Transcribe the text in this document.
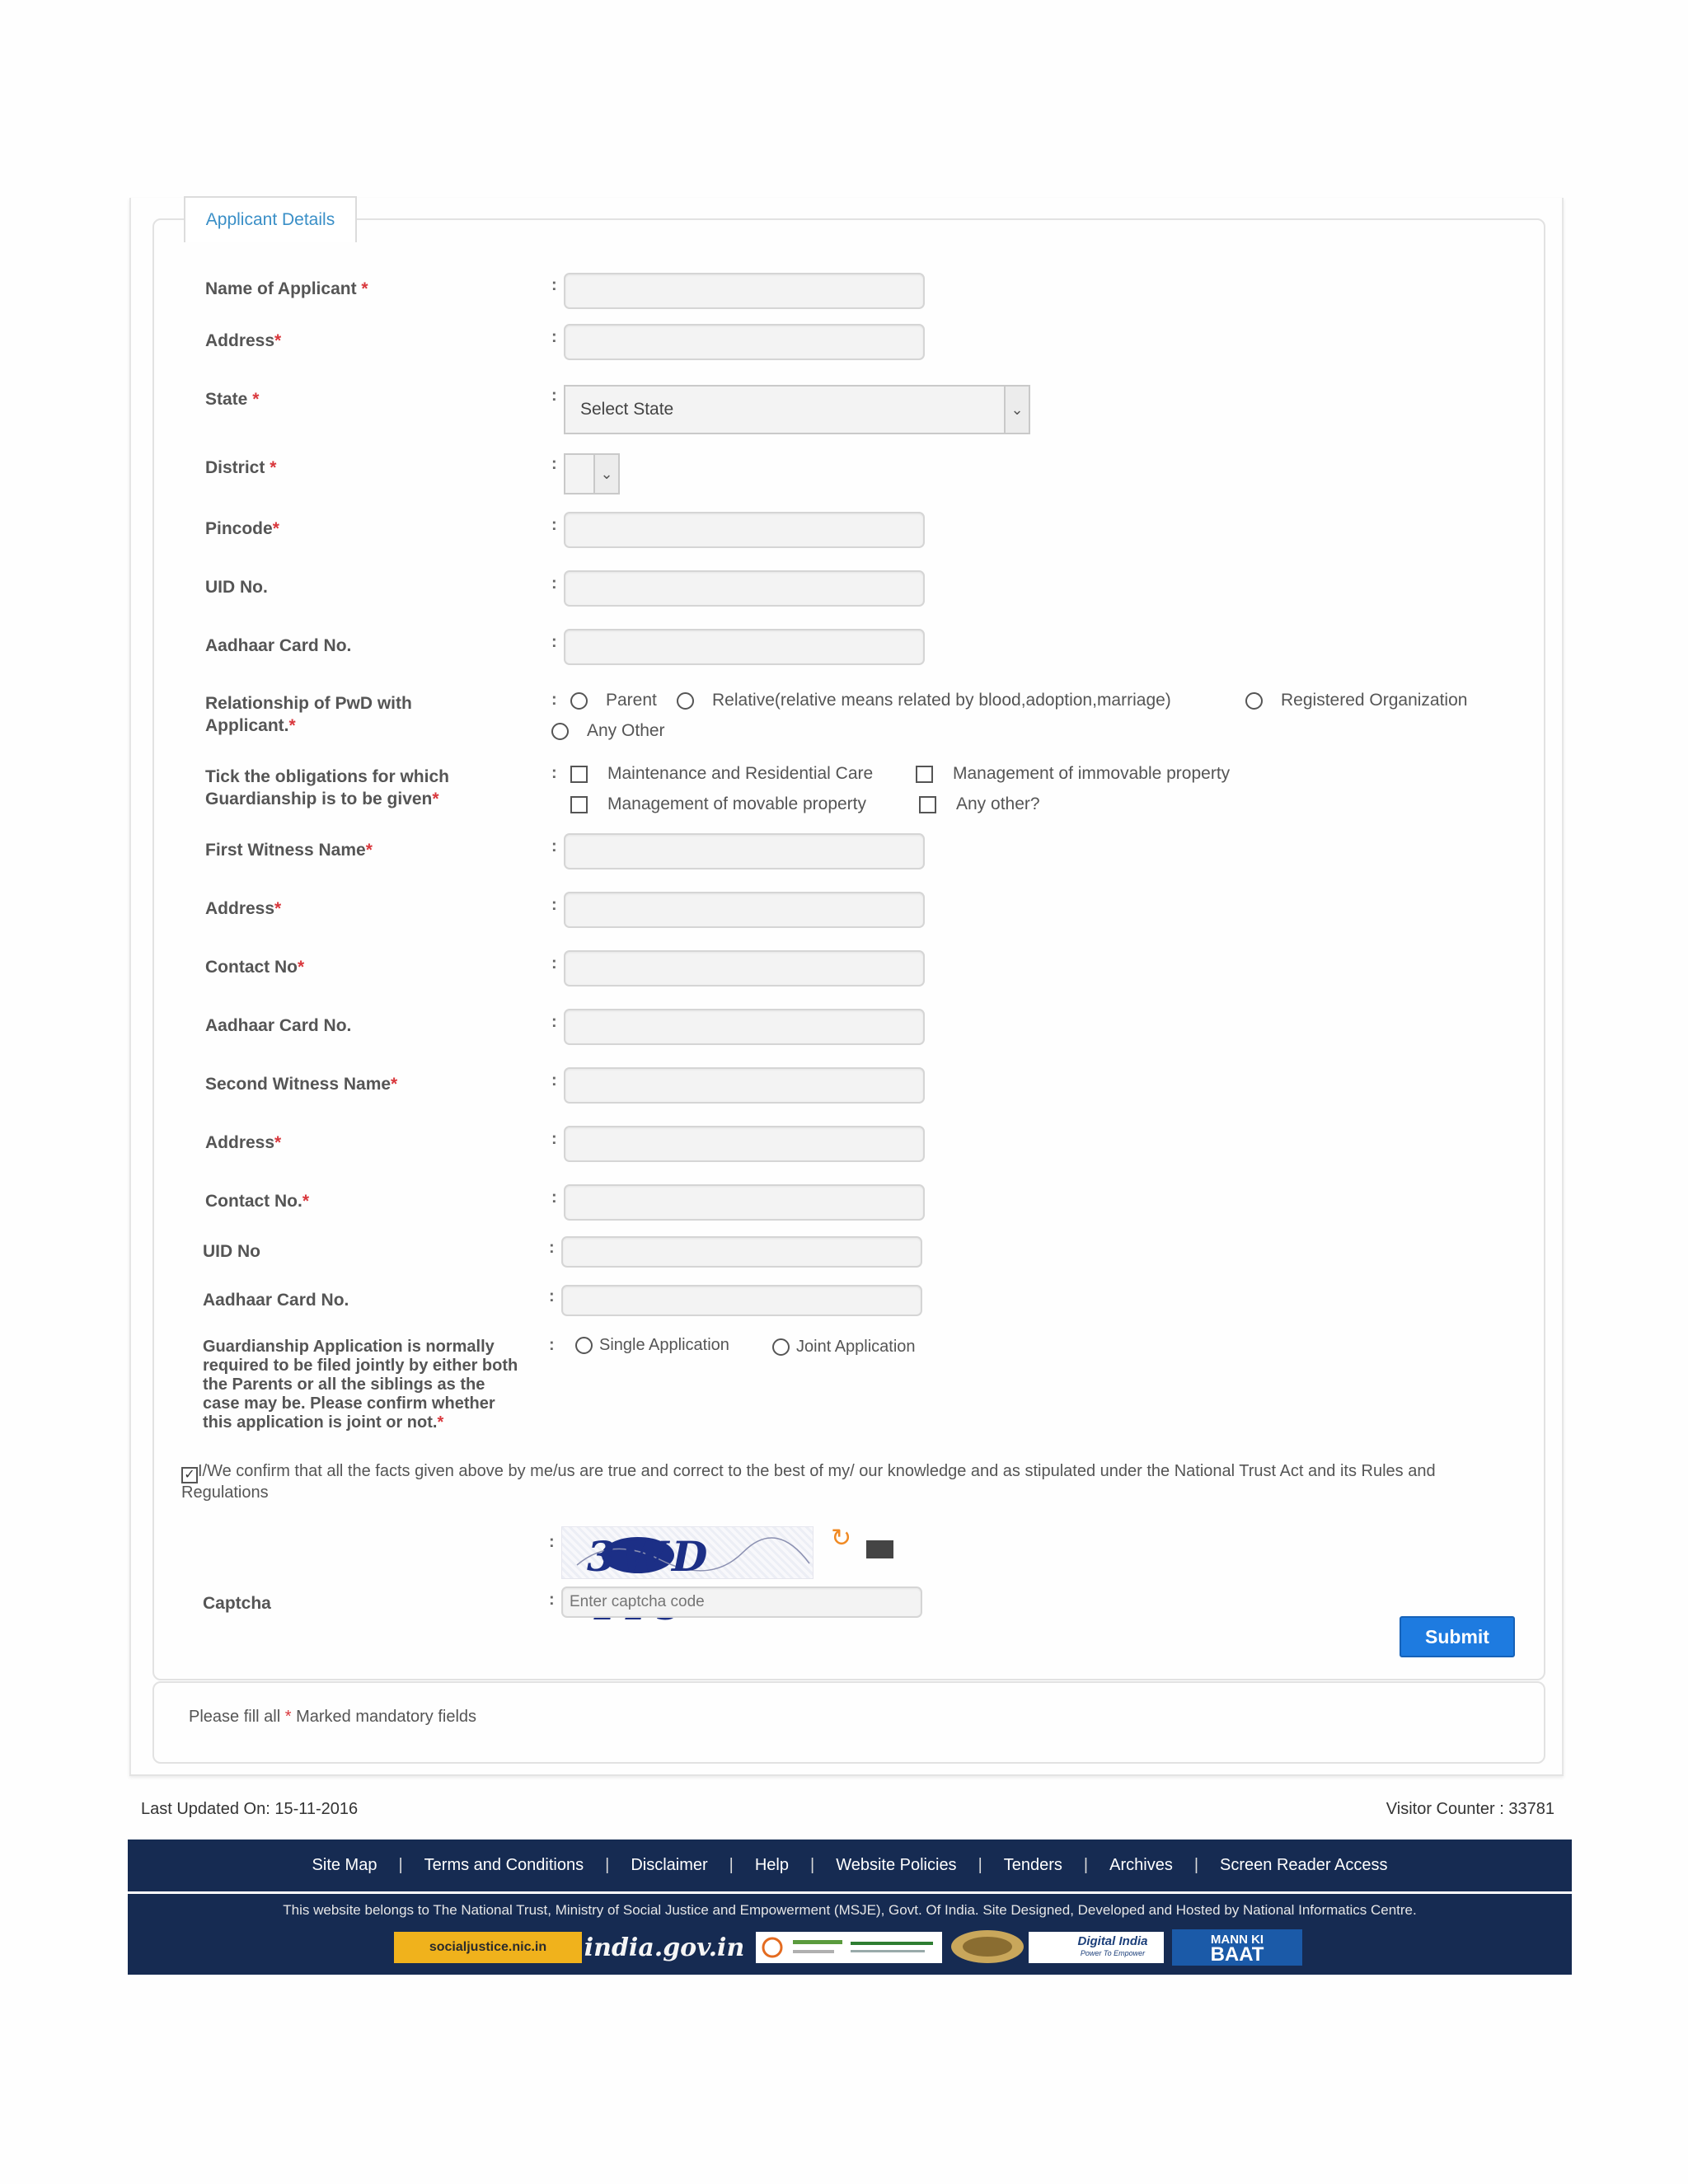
Applicant Details
Name of Applicant *	:
Address*	:
State *	:
Select State	⌄
District *	:
⌄
Pincode*	:
UID No.	:
Aadhaar Card No.	:
Relationship of PwD with Applicant.*
:	Parent	Relative(relative means related by blood,adoption,marriage)	Registered Organization
Any Other
Tick the obligations for which Guardianship is to be given*
:	Maintenance and Residential Care	Management of immovable property
Management of movable property	Any other?
First Witness Name*	:
Address*	:
Contact No*	:
Aadhaar Card No.	:
Second Witness Name*	:
Address*	:
Contact No.*	:
UID No	:
Aadhaar Card No.	:
Guardianship Application is normally required to be filed jointly by either both the Parents or all the siblings as the case may be. Please confirm whether this application is joint or not.*
:	Single Application	Joint Application
✓ I/We confirm that all the facts given above by me/us are true and correct to the best of my/ our knowledge and as stipulated under the National Trust Act and its Rules and Regulations
: 3WD	↻
Captcha	:
Enter captcha code
Submit
Please fill all * Marked mandatory fields
Last Updated On: 15-11-2016	Visitor Counter : 33781
Site Map | Terms and Conditions | Disclaimer | Help | Website Policies | Tenders | Archives | Screen Reader Access
This website belongs to The National Trust, Ministry of Social Justice and Empowerment (MSJE), Govt. Of India. Site Designed, Developed and Hosted by National Informatics Centre.
socialjustice.nic.in	india.gov.in	Digital India
Power To Empower
MANN KI
BAAT
